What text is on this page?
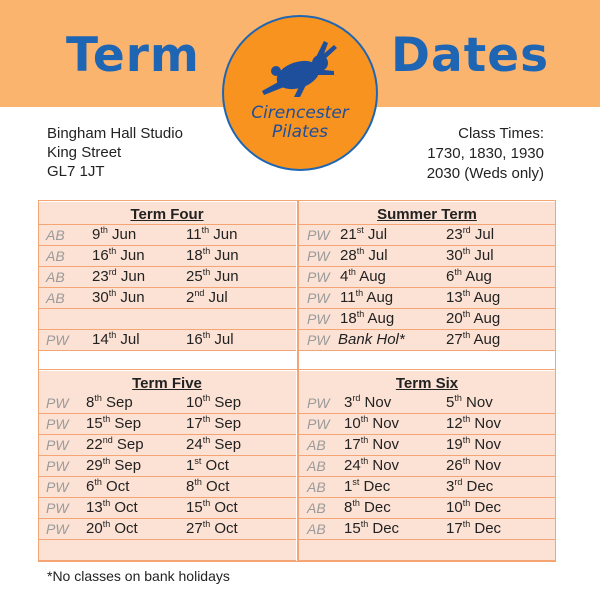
Term	Dates
Cirencester
Pilates
Bingham Hall Studio
King Street
GL7 1JT
Class Times:
1730, 1830, 1930
2030 (Weds only)
Term Four
AB 9th Jun	11th Jun
AB 16th Jun	18th Jun
AB 23rd Jun	25th Jun
AB 30th Jun	2nd Jul
PW 14th Jul	16th Jul
Summer Term
PW 21st Jul	23rd Jul
PW 28th Jul	30th Jul
PW 4th Aug	6th Aug
PW 11th Aug	13th Aug
PW 18th Aug	20th Aug
PW Bank Hol*	27th Aug
Term Five
PW 8th Sep	10th Sep
PW 15th Sep	17th Sep
PW 22nd Sep	24th Sep
PW 29th Sep	1st Oct
PW 6th Oct	8th Oct
PW 13th Oct	15th Oct
PW 20th Oct	27th Oct
Term Six
PW 3rd Nov	5th Nov
PW 10th Nov	12th Nov
AB 17th Nov	19th Nov
AB 24th Nov	26th Nov
AB 1st Dec	3rd Dec
AB 8th Dec	10th Dec
AB 15th Dec	17th Dec
*No classes on bank holidays
